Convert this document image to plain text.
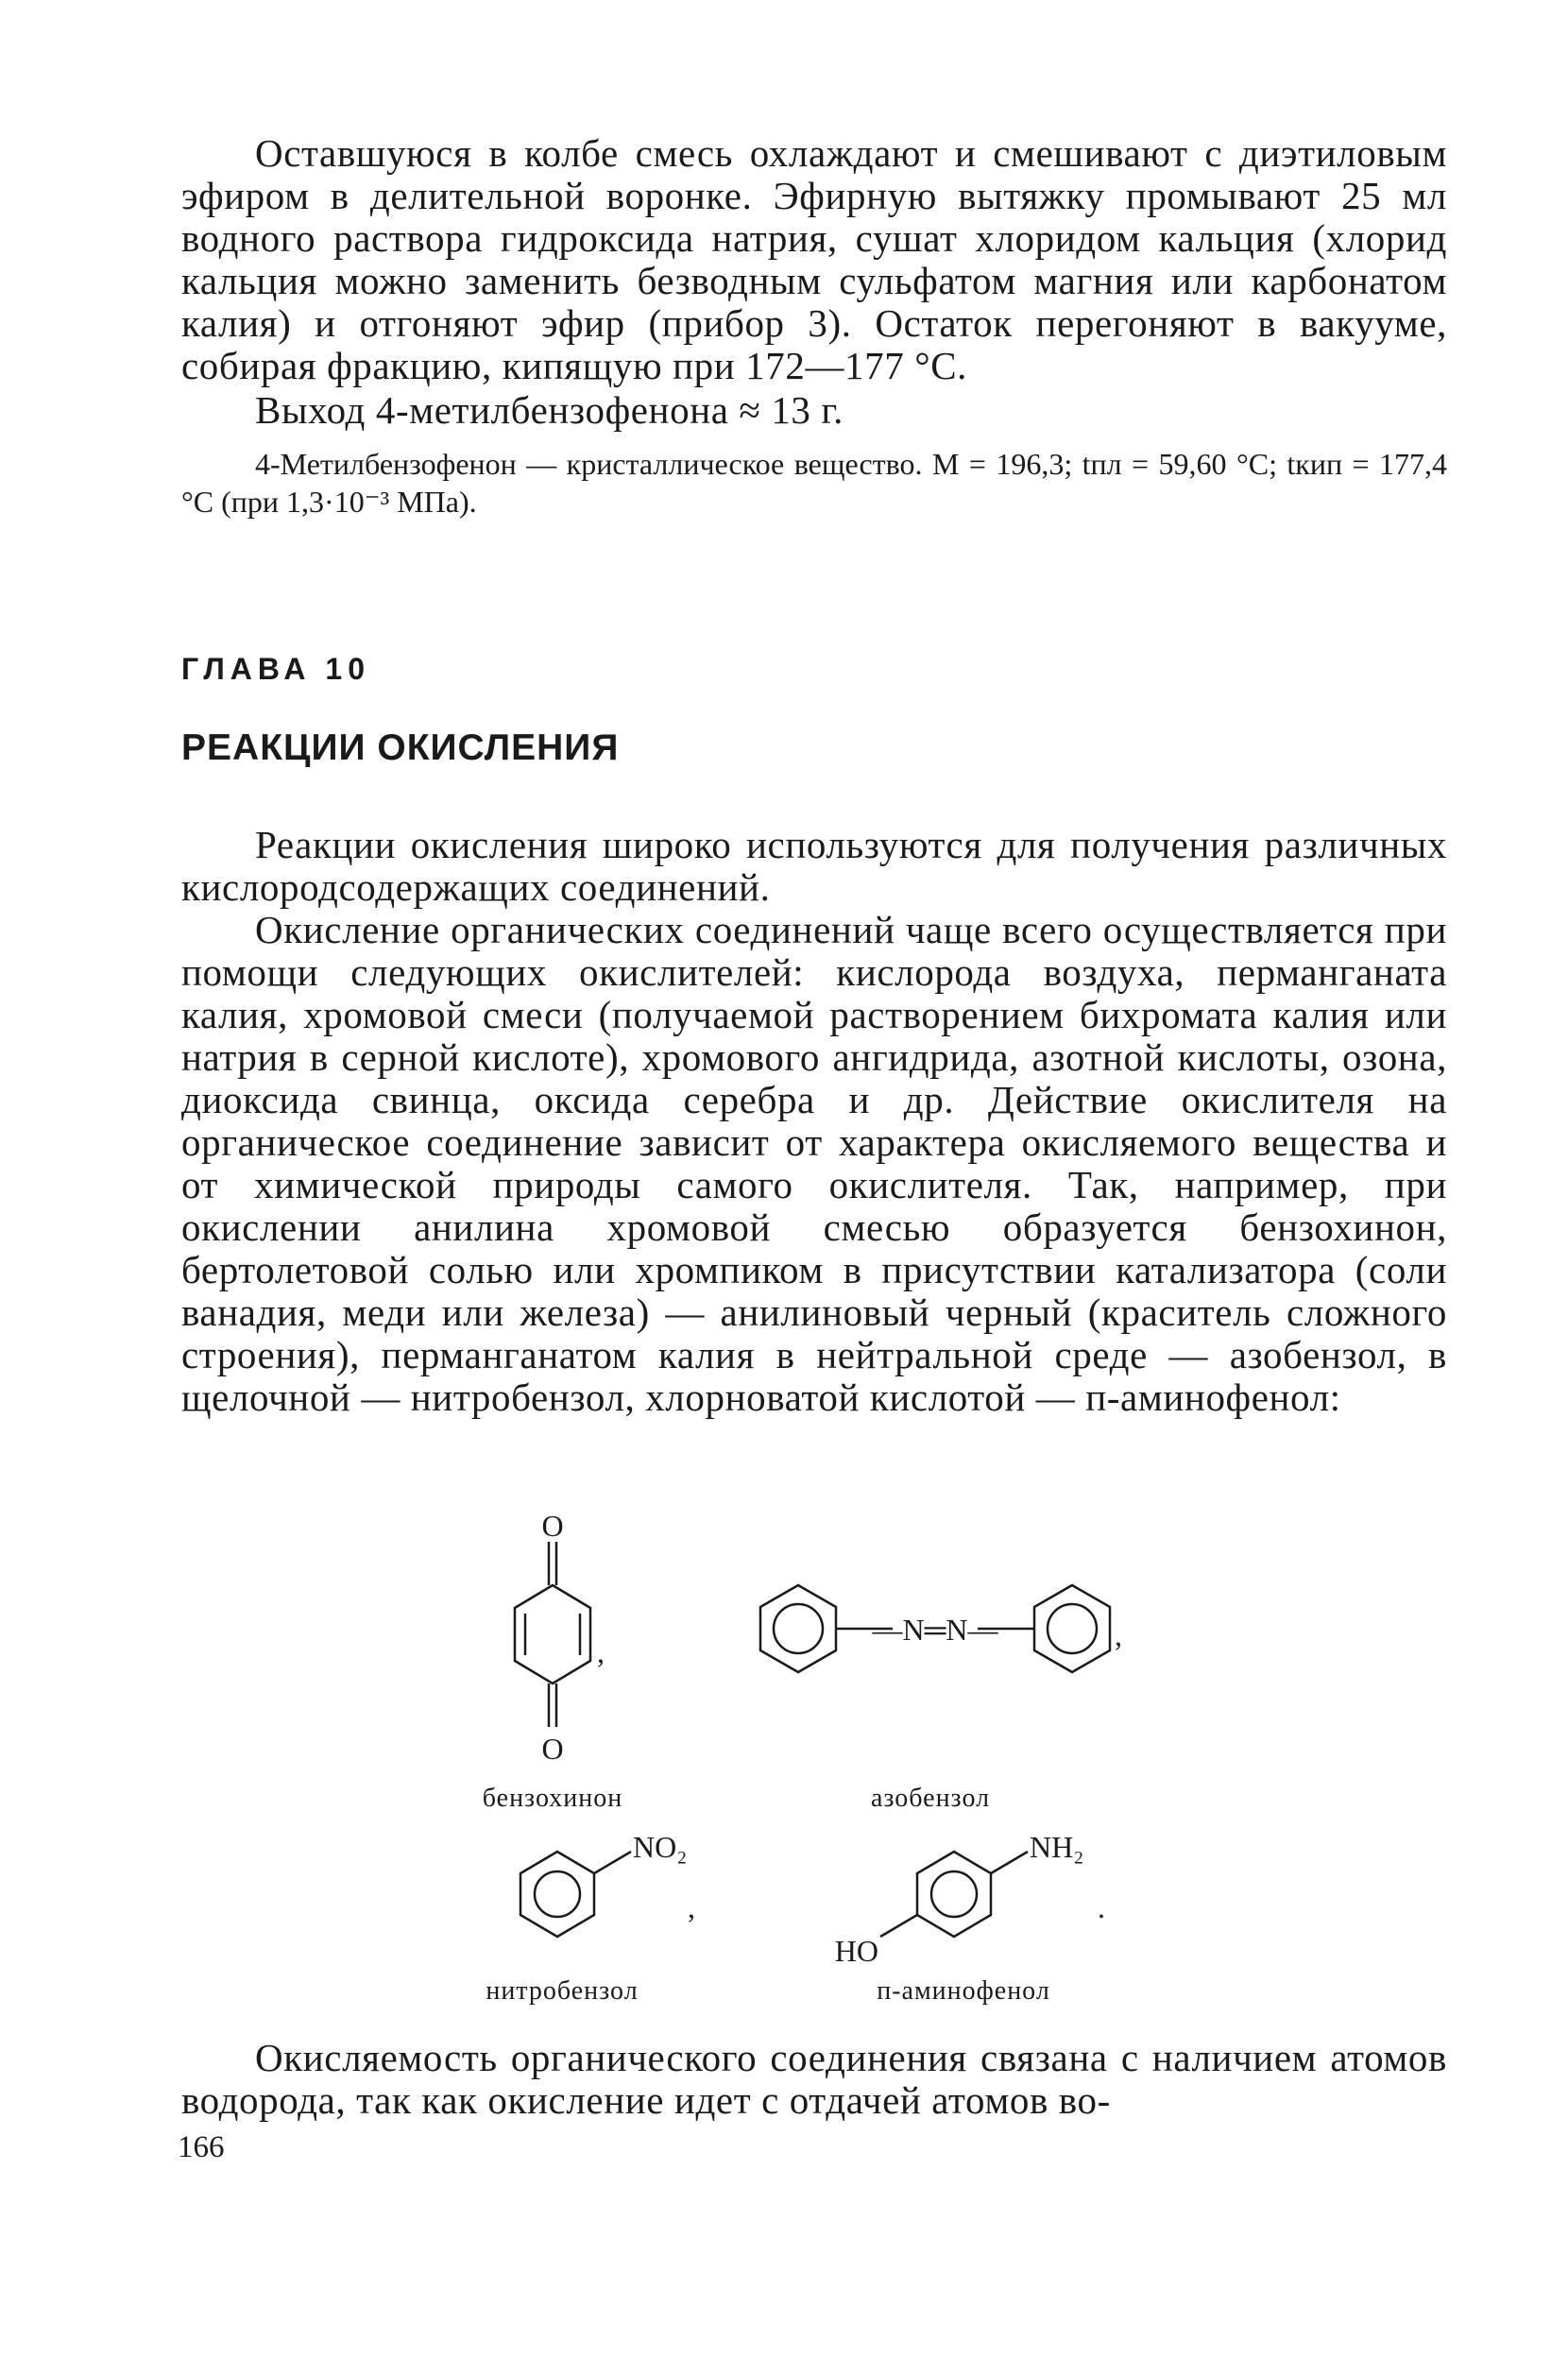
Оставшуюся в колбе смесь охлаждают и смешивают с диэтиловым эфиром в делительной воронке. Эфирную вытяжку промывают 25 мл водного раствора гидроксида натрия, сушат хлоридом кальция (хлорид кальция можно заменить безводным сульфатом магния или карбонатом калия) и отгоняют эфир (прибор 3). Остаток перегоняют в вакууме, собирая фракцию, кипящую при 172—177 °С.

Выход 4-метилбензофенона ≈ 13 г.

4-Метилбензофенон — кристаллическое вещество. M = 196,3; tпл = 59,60 °С; tкип = 177,4 °С (при 1,3·10⁻³ МПа).

ГЛАВА 10
РЕАКЦИИ ОКИСЛЕНИЯ

Реакции окисления широко используются для получения различных кислородсодержащих соединений.

Окисление органических соединений чаще всего осуществляется при помощи следующих окислителей: кислорода воздуха, перманганата калия, хромовой смеси (получаемой растворением бихромата калия или натрия в серной кислоте), хромового ангидрида, азотной кислоты, озона, диоксида свинца, оксида серебра и др. Действие окислителя на органическое соединение зависит от характера окисляемого вещества и от химической природы самого окислителя. Так, например, при окислении анилина хромовой смесью образуется бензохинон, бертолетовой солью или хромпиком в присутствии катализатора (соли ванадия, меди или железа) — анилиновый черный (краситель сложного строения), перманганатом калия в нейтральной среде — азобензол, в щелочной — нитробензол, хлорноватой кислотой — п-аминофенол:

O
O
,
—N═N—	,
NO₂
,
NH₂
HO
.
бензохинон	азобензол
нитробензол	п-аминофенол

Окисляемость органического соединения связана с наличием атомов водорода, так как окисление идет с отдачей атомов во-

166
